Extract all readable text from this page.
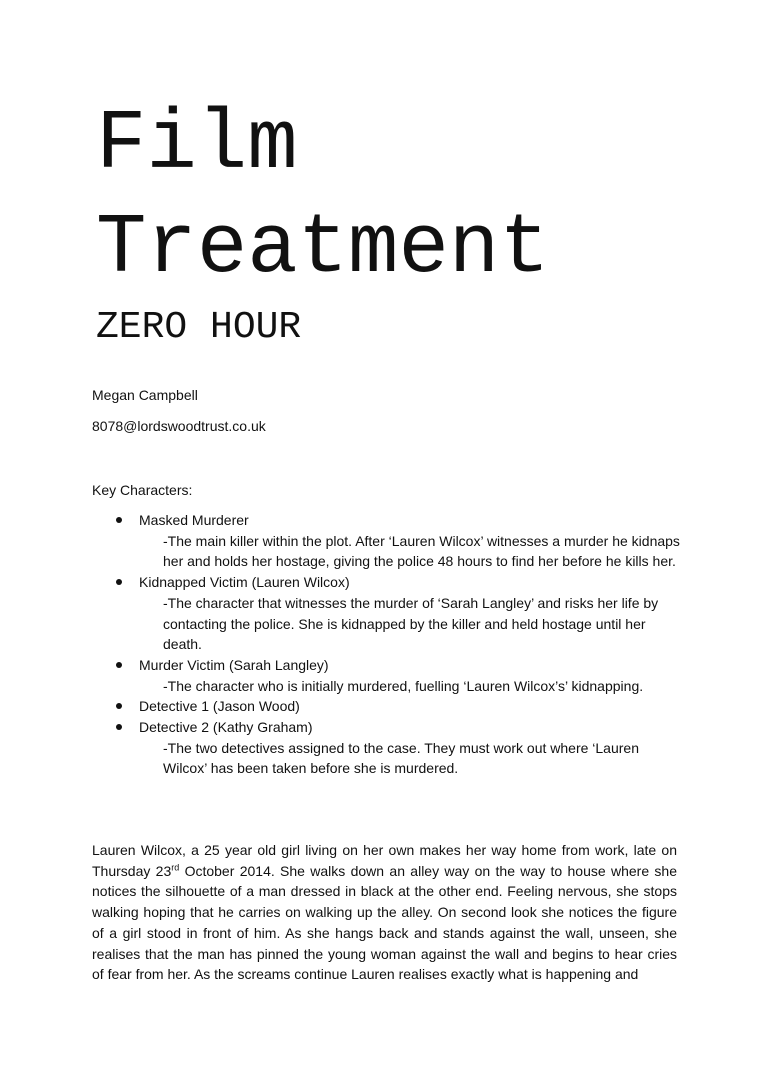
Film
Treatment
ZERO HOUR
Megan Campbell
8078@lordswoodtrust.co.uk
Key Characters:
Masked Murderer
-The main killer within the plot. After ‘Lauren Wilcox’ witnesses a murder he kidnaps her and holds her hostage, giving the police 48 hours to find her before he kills her.
Kidnapped Victim (Lauren Wilcox)
-The character that witnesses the murder of ‘Sarah Langley’ and risks her life by contacting the police. She is kidnapped by the killer and held hostage until her death.
Murder Victim (Sarah Langley)
-The character who is initially murdered, fuelling ‘Lauren Wilcox’s’ kidnapping.
Detective 1 (Jason Wood)
Detective 2 (Kathy Graham)
-The two detectives assigned to the case. They must work out where ‘Lauren Wilcox’ has been taken before she is murdered.

Lauren Wilcox, a 25 year old girl living on her own makes her way home from work, late on Thursday 23rd October 2014. She walks down an alley way on the way to house where she notices the silhouette of a man dressed in black at the other end. Feeling nervous, she stops walking hoping that he carries on walking up the alley. On second look she notices the figure of a girl stood in front of him. As she hangs back and stands against the wall, unseen, she realises that the man has pinned the young woman against the wall and begins to hear cries of fear from her. As the screams continue Lauren realises exactly what is happening and
